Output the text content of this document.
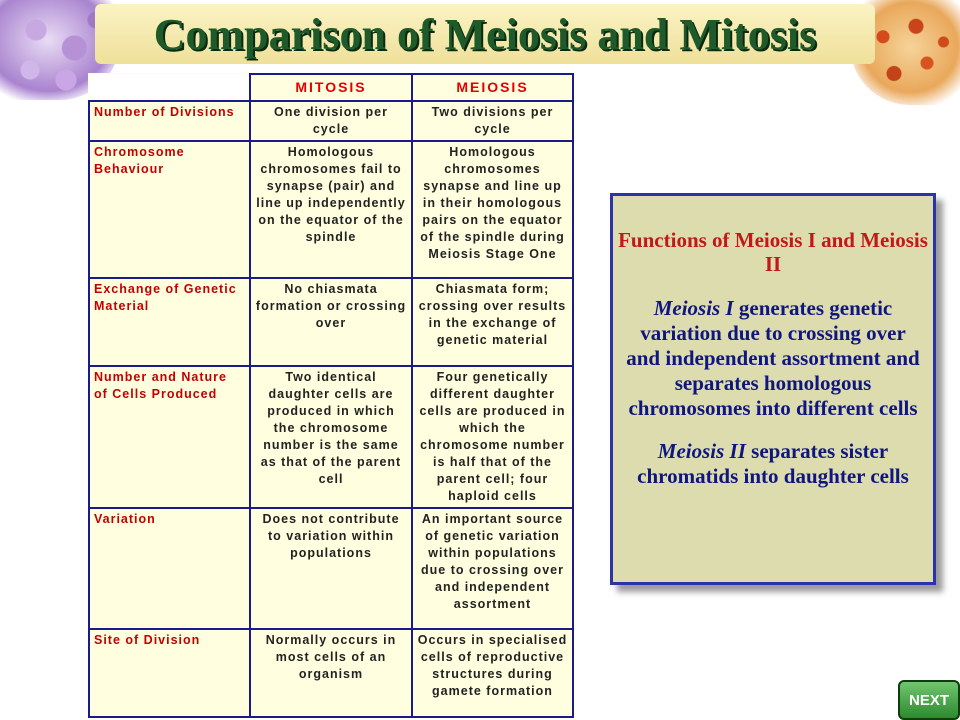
Comparison of Meiosis and Mitosis
	MITOSIS	MEIOSIS
Number of Divisions	One division per cycle	Two divisions per cycle
Chromosome Behaviour	Homologous chromosomes fail to synapse (pair) and line up independently on the equator of the spindle	Homologous chromosomes synapse and line up in their homologous pairs on the equator of the spindle during Meiosis Stage One
Exchange of Genetic Material	No chiasmata formation or crossing over	Chiasmata form; crossing over results in the exchange of genetic material
Number and Nature of Cells Produced	Two identical daughter cells are produced in which the chromosome number is the same as that of the parent cell	Four genetically different daughter cells are produced in which the chromosome number is half that of the parent cell; four haploid cells
Variation	Does not contribute to variation within populations	An important source of genetic variation within populations due to crossing over and independent assortment
Site of Division	Normally occurs in most cells of an organism	Occurs in specialised cells of reproductive structures during gamete formation
Functions of Meiosis I and Meiosis II
Meiosis I generates genetic variation due to crossing over and independent assortment and separates homologous chromosomes into different cells
Meiosis II separates sister chromatids into daughter cells
NEXT
